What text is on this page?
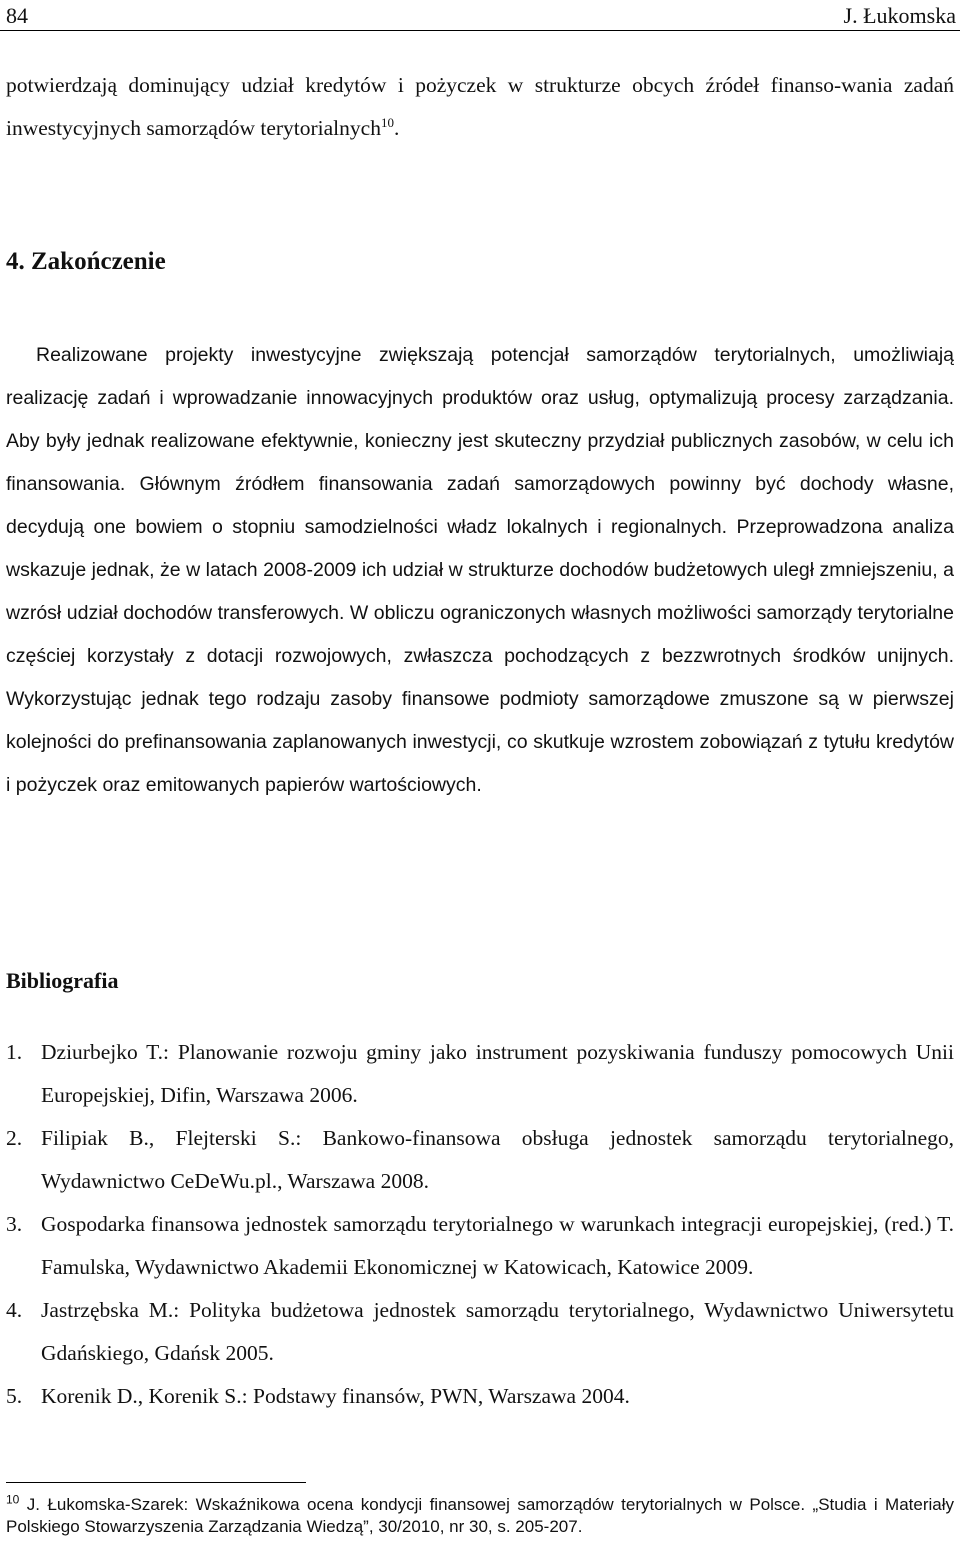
84	J. Łukomska

potwierdzają dominujący udział kredytów i pożyczek w strukturze obcych źródeł finanso-wania zadań inwestycyjnych samorządów terytorialnych$^{10}$.

4. Zakończenie

Realizowane projekty inwestycyjne zwiększają potencjał samorządów terytorialnych, umożliwiają realizację zadań i wprowadzanie innowacyjnych produktów oraz usług, optymalizują procesy zarządzania. Aby były jednak realizowane efektywnie, konieczny jest skuteczny przydział publicznych zasobów, w celu ich finansowania. Głównym źródłem finansowania zadań samorządowych powinny być dochody własne, decydują one bowiem o stopniu samodzielności władz lokalnych i regionalnych. Przeprowadzona analiza wskazuje jednak, że w latach 2008-2009 ich udział w strukturze dochodów budżetowych uległ zmniejszeniu, a wzrósł udział dochodów transferowych. W obliczu ograniczonych własnych możliwości samorządy terytorialne częściej korzystały z dotacji rozwojowych, zwłaszcza pochodzących z bezzwrotnych środków unijnych. Wykorzystując jednak tego rodzaju zasoby finansowe podmioty samorządowe zmuszone są w pierwszej kolejności do prefinansowania zaplanowanych inwestycji, co skutkuje wzrostem zobowiązań z tytułu kredytów i pożyczek oraz emitowanych papierów wartościowych.

Bibliografia
1. Dziurbejko T.: Planowanie rozwoju gminy jako instrument pozyskiwania funduszy pomocowych Unii Europejskiej, Difin, Warszawa 2006.
2. Filipiak B., Flejterski S.: Bankowo-finansowa obsługa jednostek samorządu terytorialnego, Wydawnictwo CeDeWu.pl., Warszawa 2008.
3. Gospodarka finansowa jednostek samorządu terytorialnego w warunkach integracji europejskiej, (red.) T. Famulska, Wydawnictwo Akademii Ekonomicznej w Katowicach, Katowice 2009.
4. Jastrzębska M.: Polityka budżetowa jednostek samorządu terytorialnego, Wydawnictwo Uniwersytetu Gdańskiego, Gdańsk 2005.
5. Korenik D., Korenik S.: Podstawy finansów, PWN, Warszawa 2004.

$^{10}$ J. Łukomska-Szarek: Wskaźnikowa ocena kondycji finansowej samorządów terytorialnych w Polsce. „Studia i Materiały Polskiego Stowarzyszenia Zarządzania Wiedzą”, 30/2010, nr 30, s. 205-207.
